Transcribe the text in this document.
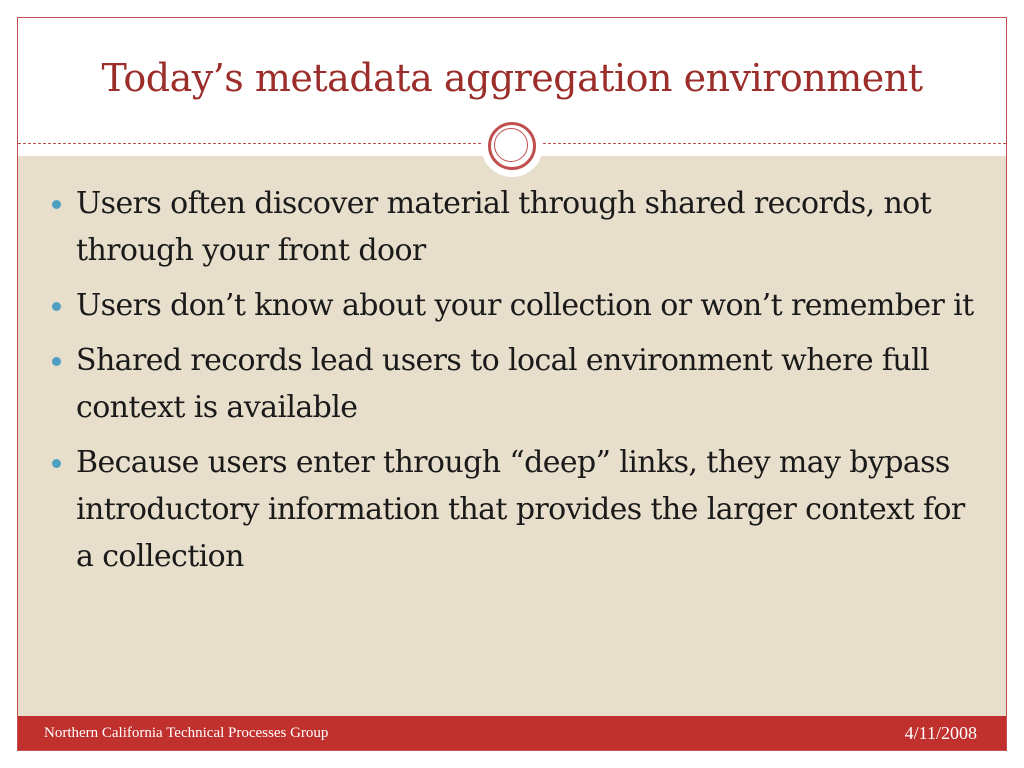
Today’s metadata aggregation environment
Users often discover material through shared records, not through your front door
Users don’t know about your collection or won’t remember it
Shared records lead users to local environment where full context is available
Because users enter through “deep” links, they may bypass introductory information that provides the larger context for a collection
Northern California Technical Processes Group	4/11/2008
